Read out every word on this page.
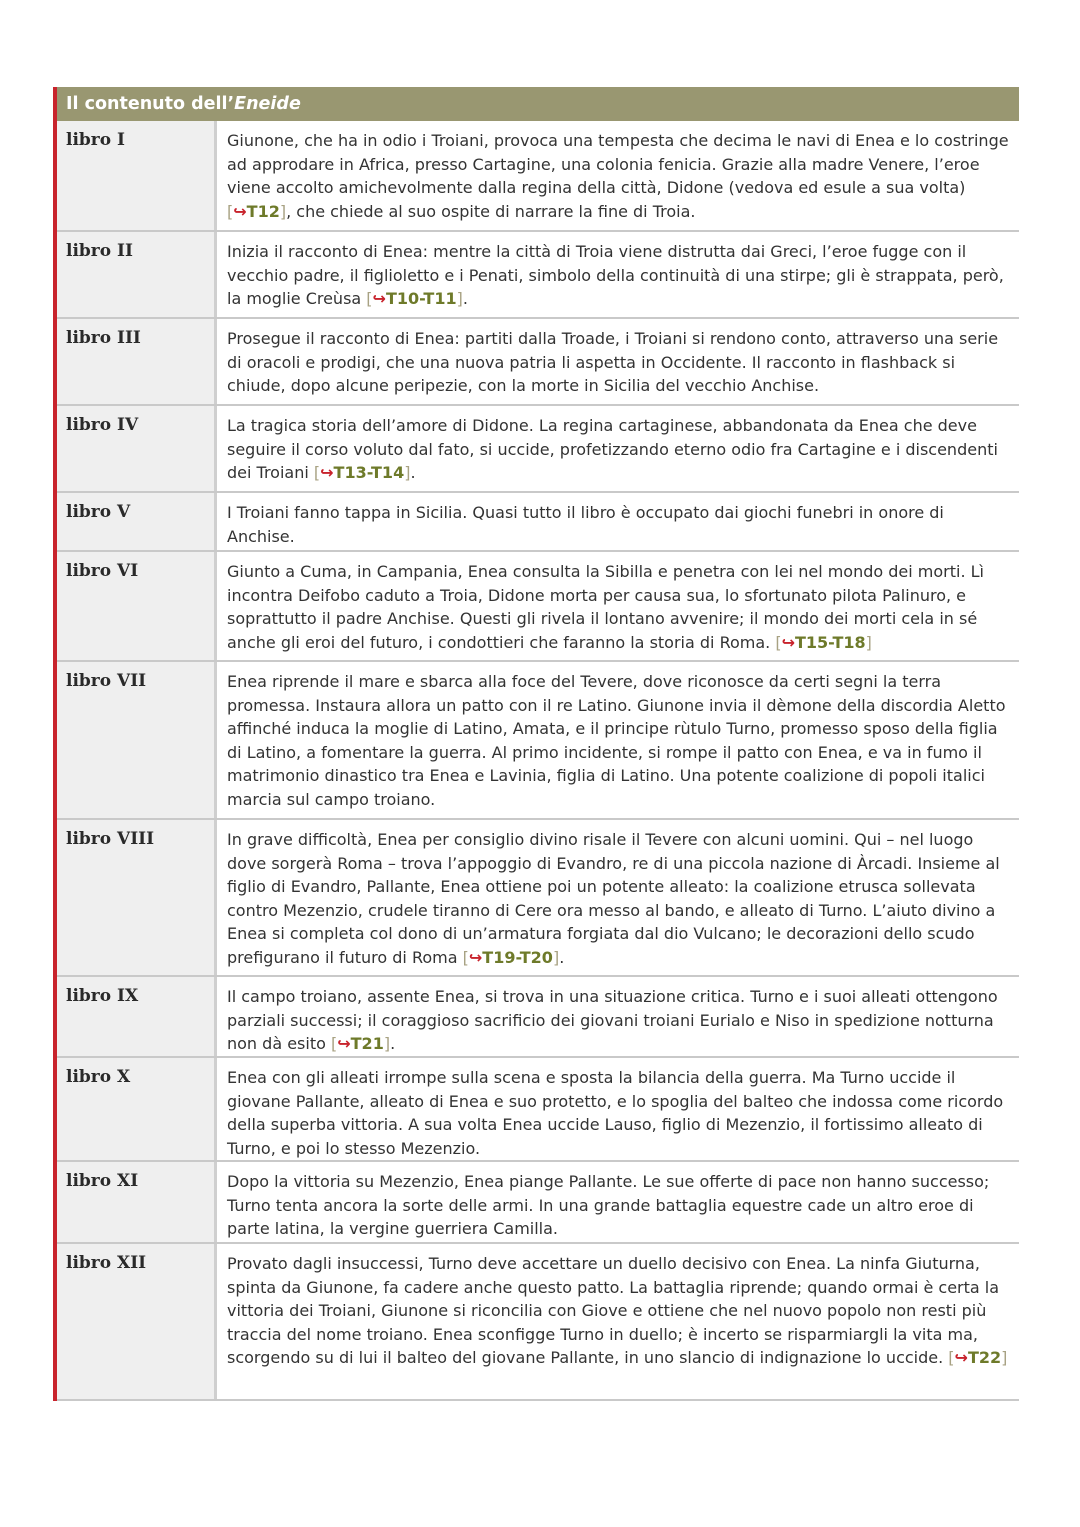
Il contenuto dell’Eneide
libro I	Giunone, che ha in odio i Troiani, provoca una tempesta che decima le navi di Enea e lo costringe ad approdare in Africa, presso Cartagine, una colonia fenicia. Grazie alla madre Venere, l’eroe viene accolto amichevolmente dalla regina della città, Didone (vedova ed esule a sua volta) [↪T12], che chiede al suo ospite di narrare la fine di Troia.
libro II	Inizia il racconto di Enea: mentre la città di Troia viene distrutta dai Greci, l’eroe fugge con il vecchio padre, il figlioletto e i Penati, simbolo della continuità di una stirpe; gli è strappata, però, la moglie Creùsa [↪T10-T11].
libro III	Prosegue il racconto di Enea: partiti dalla Troade, i Troiani si rendono conto, attraverso una serie di oracoli e prodigi, che una nuova patria li aspetta in Occidente. Il racconto in flashback si chiude, dopo alcune peripezie, con la morte in Sicilia del vecchio Anchise.
libro IV	La tragica storia dell’amore di Didone. La regina cartaginese, abbandonata da Enea che deve seguire il corso voluto dal fato, si uccide, profetizzando eterno odio fra Cartagine e i discendenti dei Troiani [↪T13-T14].
libro V	I Troiani fanno tappa in Sicilia. Quasi tutto il libro è occupato dai giochi funebri in onore di Anchise.
libro VI	Giunto a Cuma, in Campania, Enea consulta la Sibilla e penetra con lei nel mondo dei morti. Lì incontra Deifobo caduto a Troia, Didone morta per causa sua, lo sfortunato pilota Palinuro, e soprattutto il padre Anchise. Questi gli rivela il lontano avvenire; il mondo dei morti cela in sé anche gli eroi del futuro, i condottieri che faranno la storia di Roma. [↪T15-T18]
libro VII	Enea riprende il mare e sbarca alla foce del Tevere, dove riconosce da certi segni la terra promessa. Instaura allora un patto con il re Latino. Giunone invia il dèmone della discordia Aletto affinché induca la moglie di Latino, Amata, e il principe rùtulo Turno, promesso sposo della figlia di Latino, a fomentare la guerra. Al primo incidente, si rompe il patto con Enea, e va in fumo il matrimonio dinastico tra Enea e Lavinia, figlia di Latino. Una potente coalizione di popoli italici marcia sul campo troiano.
libro VIII	In grave difficoltà, Enea per consiglio divino risale il Tevere con alcuni uomini. Qui – nel luogo dove sorgerà Roma – trova l’appoggio di Evandro, re di una piccola nazione di Àrcadi. Insieme al figlio di Evandro, Pallante, Enea ottiene poi un potente alleato: la coalizione etrusca sollevata contro Mezenzio, crudele tiranno di Cere ora messo al bando, e alleato di Turno. L’aiuto divino a Enea si completa col dono di un’armatura forgiata dal dio Vulcano; le decorazioni dello scudo prefigurano il futuro di Roma [↪T19-T20].
libro IX	Il campo troiano, assente Enea, si trova in una situazione critica. Turno e i suoi alleati ottengono parziali successi; il coraggioso sacrificio dei giovani troiani Eurialo e Niso in spedizione notturna non dà esito [↪T21].
libro X	Enea con gli alleati irrompe sulla scena e sposta la bilancia della guerra. Ma Turno uccide il giovane Pallante, alleato di Enea e suo protetto, e lo spoglia del balteo che indossa come ricordo della superba vittoria. A sua volta Enea uccide Lauso, figlio di Mezenzio, il fortissimo alleato di Turno, e poi lo stesso Mezenzio.
libro XI	Dopo la vittoria su Mezenzio, Enea piange Pallante. Le sue offerte di pace non hanno successo; Turno tenta ancora la sorte delle armi. In una grande battaglia equestre cade un altro eroe di parte latina, la vergine guerriera Camilla.
libro XII	Provato dagli insuccessi, Turno deve accettare un duello decisivo con Enea. La ninfa Giuturna, spinta da Giunone, fa cadere anche questo patto. La battaglia riprende; quando ormai è certa la vittoria dei Troiani, Giunone si riconcilia con Giove e ottiene che nel nuovo popolo non resti più traccia del nome troiano. Enea sconfigge Turno in duello; è incerto se risparmiargli la vita ma, scorgendo su di lui il balteo del giovane Pallante, in uno slancio di indignazione lo uccide. [↪T22]
